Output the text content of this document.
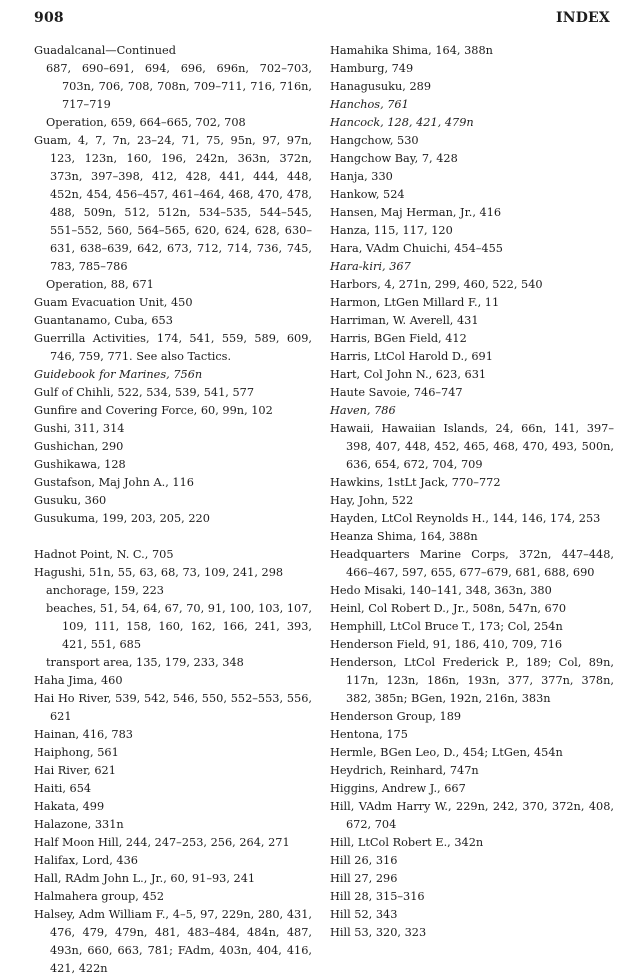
908	INDEX
Guadalcanal—Continued
687, 690–691, 694, 696, 696n, 702–703, 703n, 706, 708, 708n, 709–711, 716, 716n, 717–719
Operation, 659, 664–665, 702, 708
Guam, 4, 7, 7n, 23–24, 71, 75, 95n, 97, 97n, 123, 123n, 160, 196, 242n, 363n, 372n, 373n, 397–398, 412, 428, 441, 444, 448, 452n, 454, 456–457, 461–464, 468, 470, 478, 488, 509n, 512, 512n, 534–535, 544–545, 551–552, 560, 564–565, 620, 624, 628, 630–631, 638–639, 642, 673, 712, 714, 736, 745, 783, 785–786
Operation, 88, 671
Guam Evacuation Unit, 450
Guantanamo, Cuba, 653
Guerrilla Activities, 174, 541, 559, 589, 609, 746, 759, 771. See also Tactics.
Guidebook for Marines, 756n
Gulf of Chihli, 522, 534, 539, 541, 577
Gunfire and Covering Force, 60, 99n, 102
Gushi, 311, 314
Gushichan, 290
Gushikawa, 128
Gustafson, Maj John A., 116
Gusuku, 360
Gusukuma, 199, 203, 205, 220
Hadnot Point, N. C., 705
Hagushi, 51n, 55, 63, 68, 73, 109, 241, 298
anchorage, 159, 223
beaches, 51, 54, 64, 67, 70, 91, 100, 103, 107, 109, 111, 158, 160, 162, 166, 241, 393, 421, 551, 685
transport area, 135, 179, 233, 348
Haha Jima, 460
Hai Ho River, 539, 542, 546, 550, 552–553, 556, 621
Hainan, 416, 783
Haiphong, 561
Hai River, 621
Haiti, 654
Hakata, 499
Halazone, 331n
Half Moon Hill, 244, 247–253, 256, 264, 271
Halifax, Lord, 436
Hall, RAdm John L., Jr., 60, 91–93, 241
Halmahera group, 452
Halsey, Adm William F., 4–5, 97, 229n, 280, 431, 476, 479, 479n, 481, 483–484, 484n, 487, 493n, 660, 663, 781; FAdm, 403n, 404, 416, 421, 422n
Hamahika Shima, 164, 388n
Hamburg, 749
Hanagusuku, 289
Hanchos, 761
Hancock, 128, 421, 479n
Hangchow, 530
Hangchow Bay, 7, 428
Hanja, 330
Hankow, 524
Hansen, Maj Herman, Jr., 416
Hanza, 115, 117, 120
Hara, VAdm Chuichi, 454–455
Hara-kiri, 367
Harbors, 4, 271n, 299, 460, 522, 540
Harmon, LtGen Millard F., 11
Harriman, W. Averell, 431
Harris, BGen Field, 412
Harris, LtCol Harold D., 691
Hart, Col John N., 623, 631
Haute Savoie, 746–747
Haven, 786
Hawaii, Hawaiian Islands, 24, 66n, 141, 397–398, 407, 448, 452, 465, 468, 470, 493, 500n, 636, 654, 672, 704, 709
Hawkins, 1stLt Jack, 770–772
Hay, John, 522
Hayden, LtCol Reynolds H., 144, 146, 174, 253
Heanza Shima, 164, 388n
Headquarters Marine Corps, 372n, 447–448, 466–467, 597, 655, 677–679, 681, 688, 690
Hedo Misaki, 140–141, 348, 363n, 380
Heinl, Col Robert D., Jr., 508n, 547n, 670
Hemphill, LtCol Bruce T., 173; Col, 254n
Henderson Field, 91, 186, 410, 709, 716
Henderson, LtCol Frederick P., 189; Col, 89n, 117n, 123n, 186n, 193n, 377, 377n, 378n, 382, 385n; BGen, 192n, 216n, 383n
Henderson Group, 189
Hentona, 175
Hermle, BGen Leo, D., 454; LtGen, 454n
Heydrich, Reinhard, 747n
Higgins, Andrew J., 667
Hill, VAdm Harry W., 229n, 242, 370, 372n, 408, 672, 704
Hill, LtCol Robert E., 342n
Hill 26, 316
Hill 27, 296
Hill 28, 315–316
Hill 52, 343
Hill 53, 320, 323
